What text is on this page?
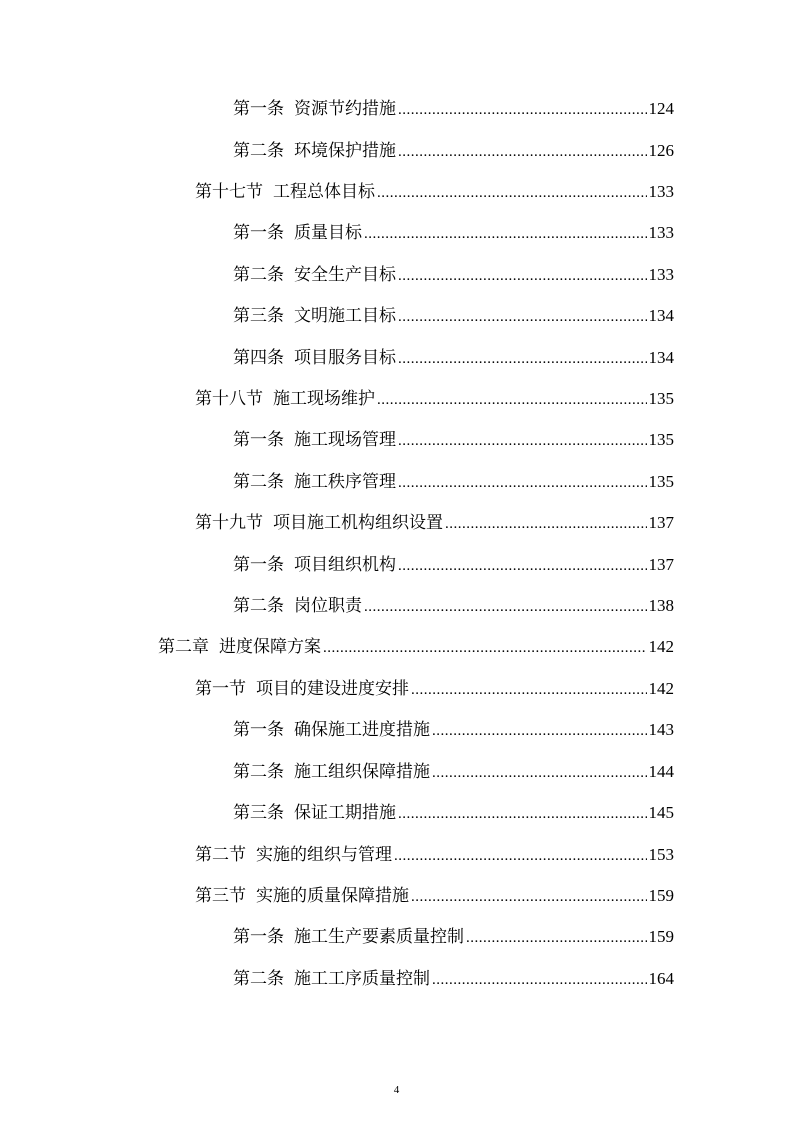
第一条 资源节约措施 .....	124
第二条 环境保护措施 .....	126
第十七节 工程总体目标 .....	133
第一条 质量目标 .....	133
第二条 安全生产目标 .....	133
第三条 文明施工目标 .....	134
第四条 项目服务目标 .....	134
第十八节 施工现场维护 .....	135
第一条 施工现场管理 .....	135
第二条 施工秩序管理 .....	135
第十九节 项目施工机构组织设置 .....	137
第一条 项目组织机构 .....	137
第二条 岗位职责 .....	138
第二章 进度保障方案 .....	142
第一节 项目的建设进度安排 .....	142
第一条 确保施工进度措施 .....	143
第二条 施工组织保障措施 .....	144
第三条 保证工期措施 .....	145
第二节 实施的组织与管理 .....	153
第三节 实施的质量保障措施 .....	159
第一条 施工生产要素质量控制 .....	159
第二条 施工工序质量控制 .....	164
4
